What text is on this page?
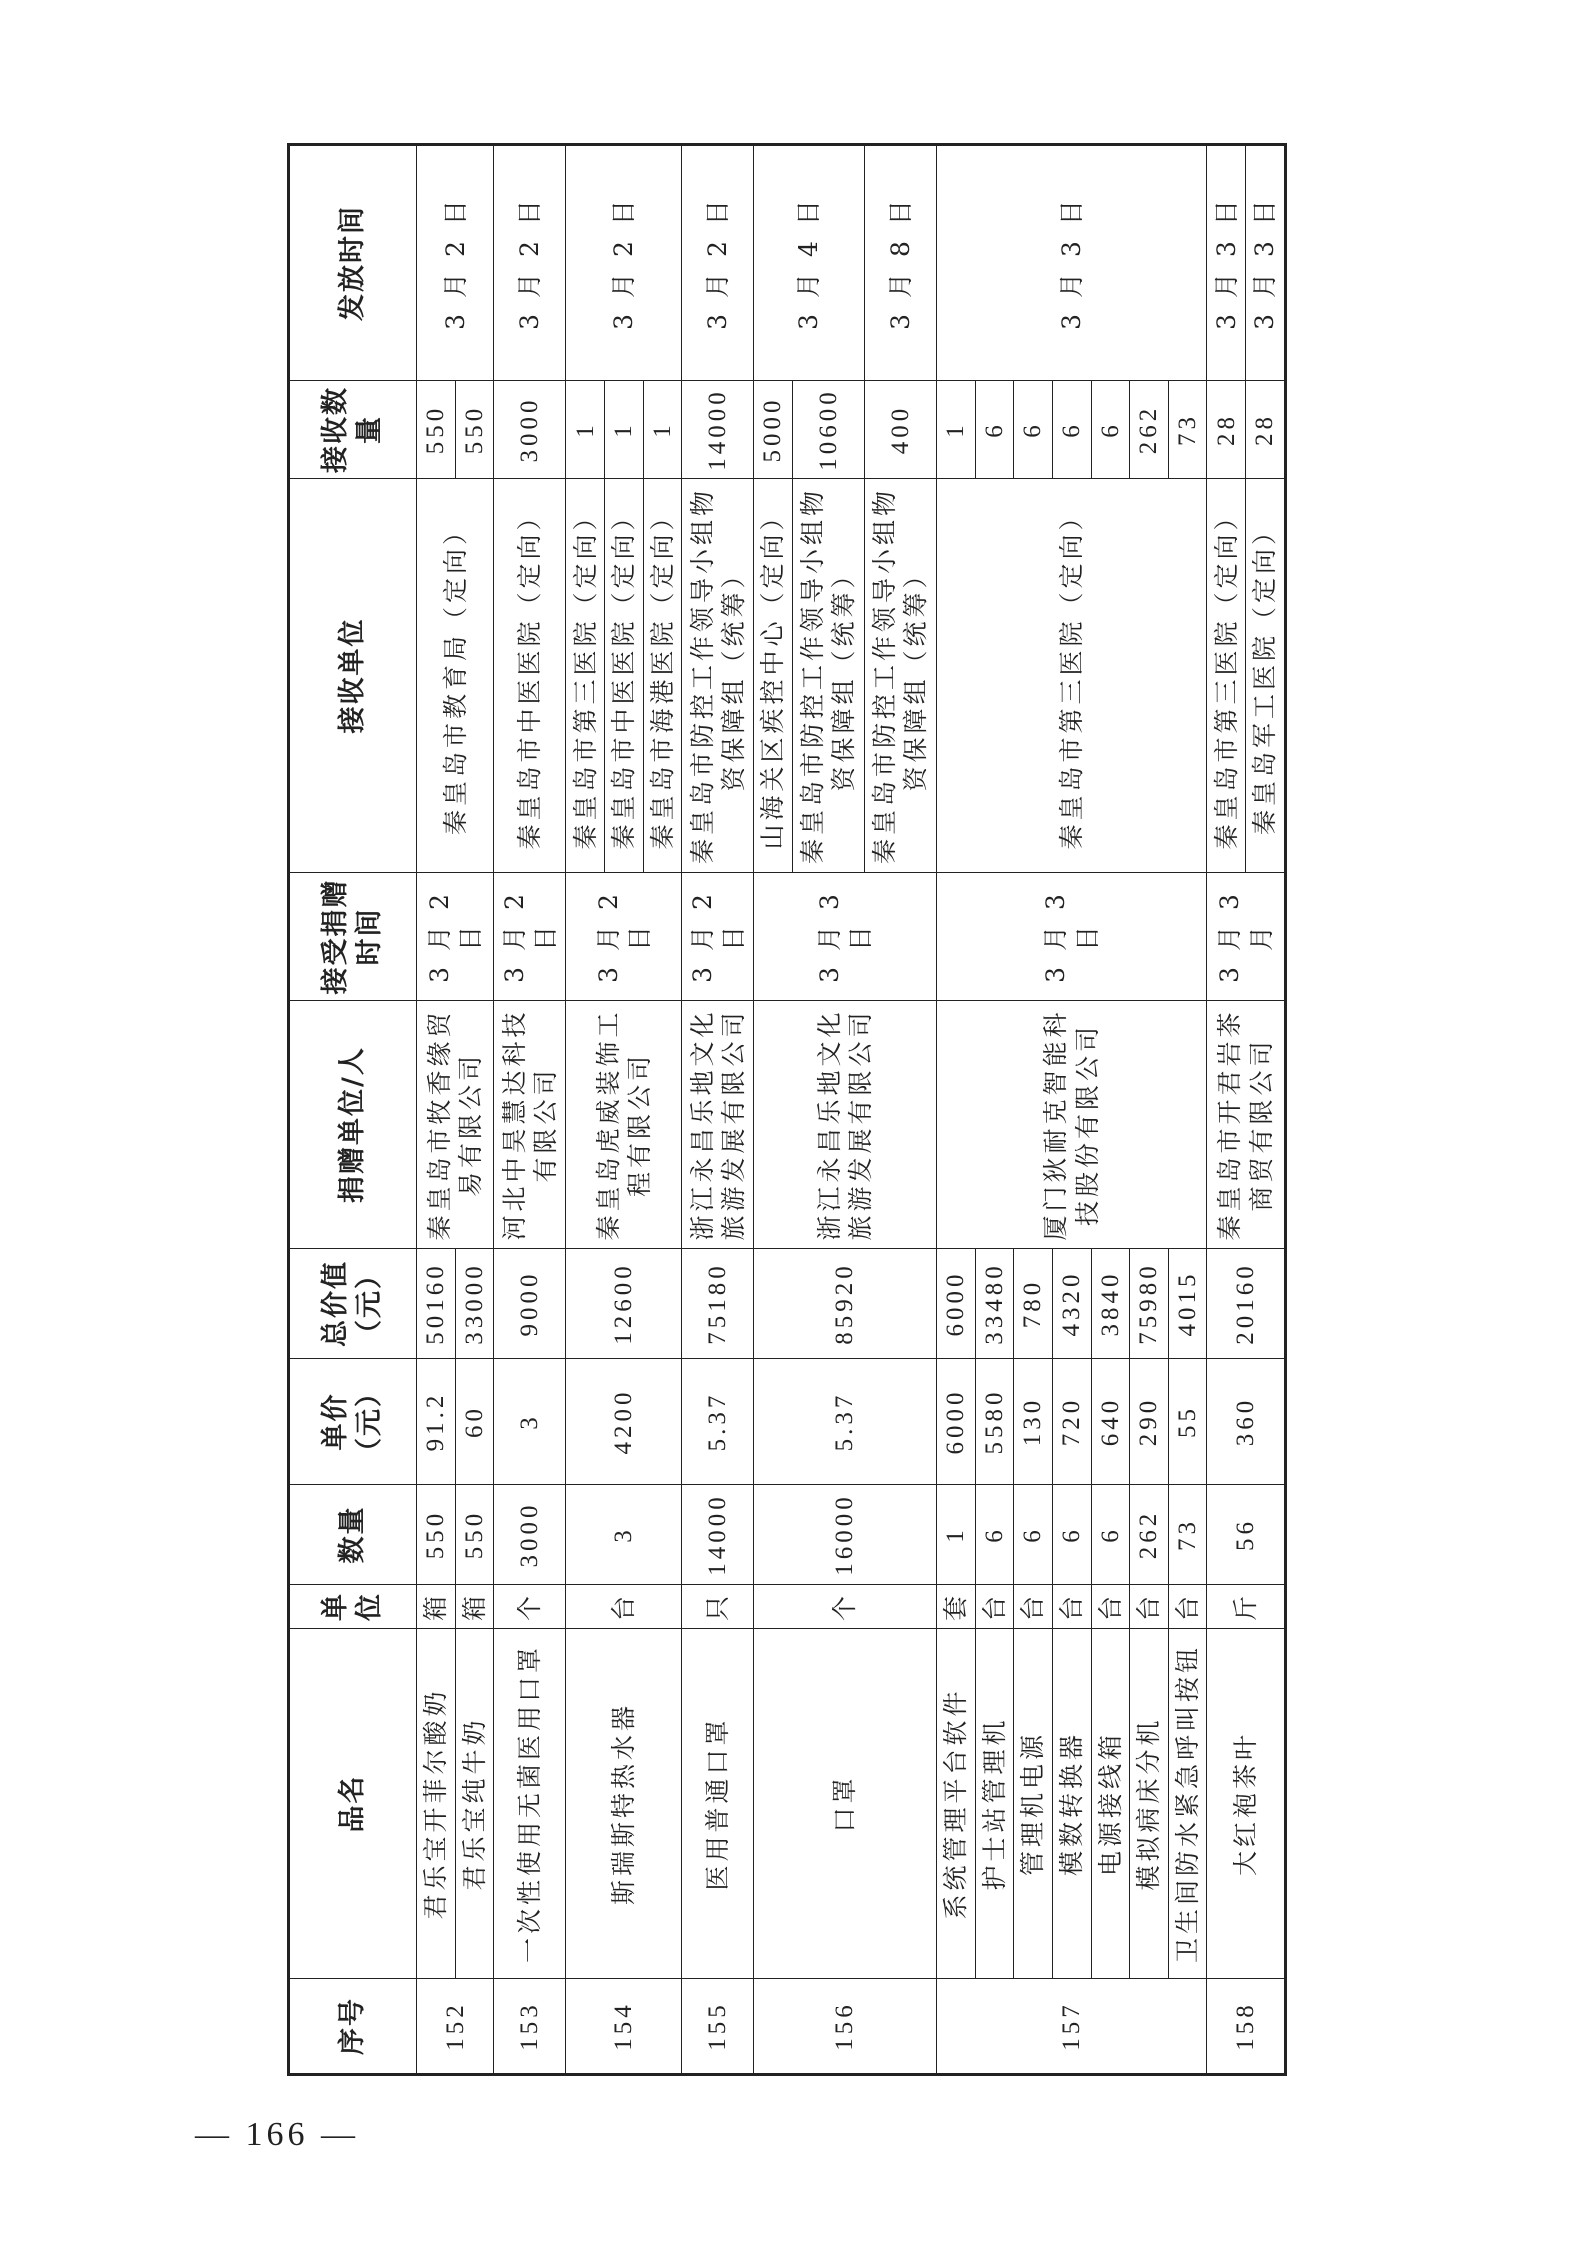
序号	品名	单位	数量	单价（元）	总价值（元）	捐赠单位/人	接受捐赠时间	接收单位	接收数量	发放时间
152	君乐宝开菲尔酸奶	箱	550	91.2	50160	秦皇岛市牧香缘贸易有限公司	3 月 2 日	秦皇岛市教育局（定向）	550	3 月 2 日
	君乐宝纯牛奶	箱	550	60	33000				550	
153	一次性使用无菌医用口罩	个	3000	3	9000	河北中昊慧达科技有限公司	3 月 2 日	秦皇岛市中医医院（定向）	3000	3 月 2 日
154	斯瑞斯特热水器	台	3	4200	12600	秦皇岛虎威装饰工程有限公司	3 月 2 日	秦皇岛市第三医院（定向）	1	3 月 2 日
								秦皇岛市中医医院（定向）	1	
								秦皇岛市海港医院（定向）	1	
155	医用普通口罩	只	14000	5.37	75180	浙江永昌乐地文化旅游发展有限公司	3 月 2 日	秦皇岛市防控工作领导小组物资保障组（统筹）	14000	3 月 2 日
156	口罩	个	16000	5.37	85920	浙江永昌乐地文化旅游发展有限公司	3 月 3 日	山海关区疾控中心（定向）	5000	3 月 4 日
								秦皇岛市防控工作领导小组物资保障组（统筹）	10600	
								秦皇岛市防控工作领导小组物资保障组（统筹）	400	3 月 8 日
157	系统管理平台软件	套	1	6000	6000	厦门狄耐克智能科技股份有限公司	3 月 3 日	秦皇岛市第三医院（定向）	1	3 月 3 日
	护士站管理机	台	6	5580	33480				6	
	管理机电源	台	6	130	780				6	
	模数转换器	台	6	720	4320				6	
	电源接线箱	台	6	640	3840				6	
	模拟病床分机	台	262	290	75980				262	
	卫生间防水紧急呼叫按钮	台	73	55	4015				73	
158	大红袍茶叶	斤	56	360	20160	秦皇岛市开君岩茶商贸有限公司	3 月 3 月	秦皇岛市第三医院（定向）	28	3 月 3 日
								秦皇岛军工医院（定向）	28	3 月 3 日
— 166 —
